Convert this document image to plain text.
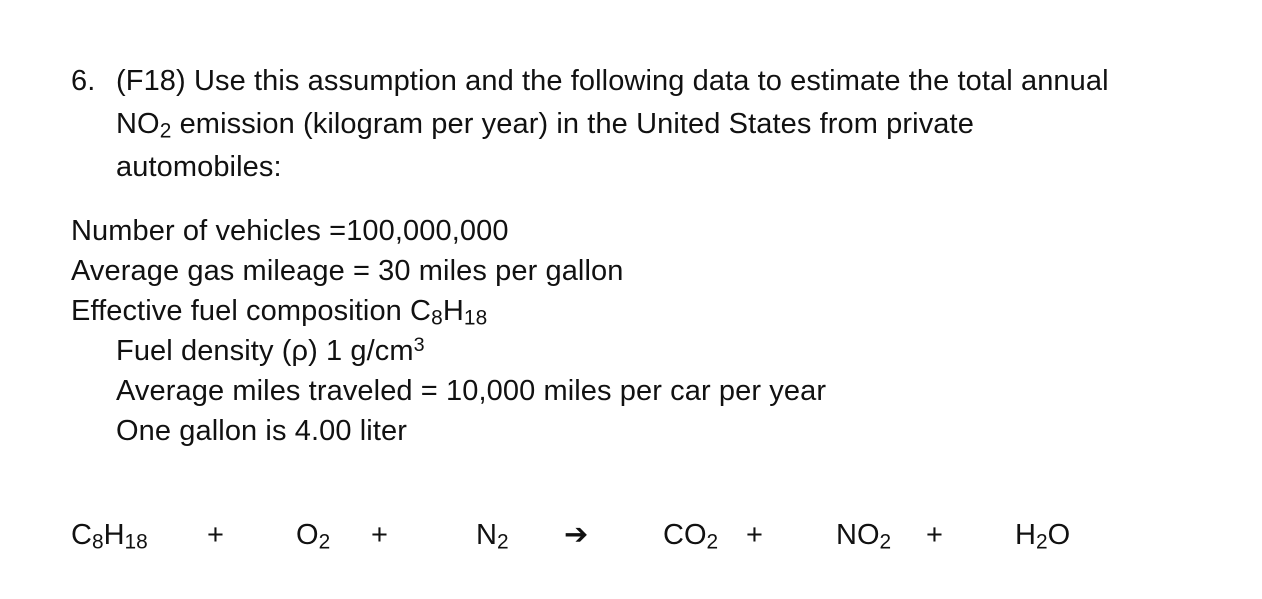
6. (F18) Use this assumption and the following data to estimate the total annual
$NO_2$ emission (kilogram per year) in the United States from private
automobiles:
Number of vehicles =100,000,000
Average gas mileage = 30 miles per gallon
Effective fuel composition $C_8H_{18}$
Fuel density (ρ) 1 $g/cm^3$
Average miles traveled = 10,000 miles per car per year
One gallon is 4.00 liter
$C_8H_{18} + O_2$ +	$N_2$ ➔	$CO_2$ +	$NO_2 + H_2O$
